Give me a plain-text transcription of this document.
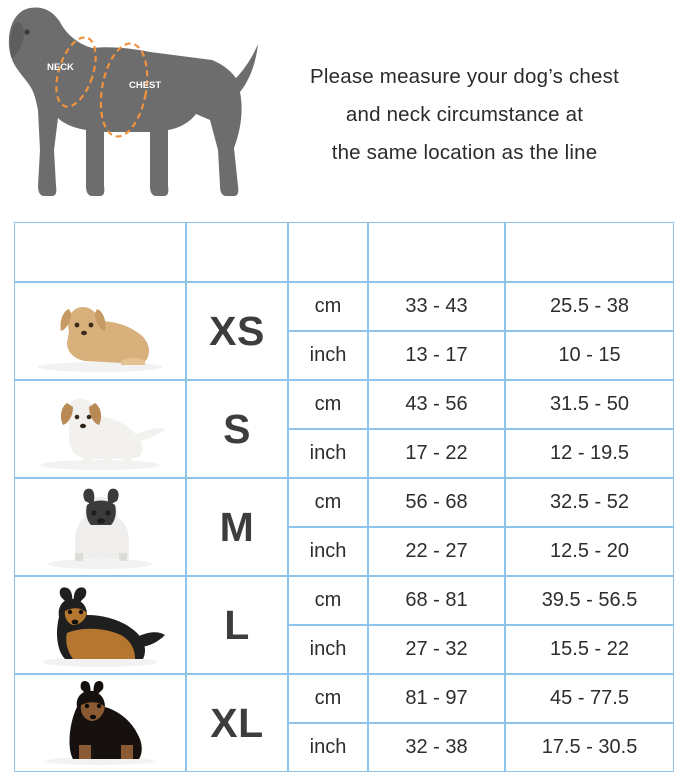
NECK
CHEST	Please measure your dog’s chest
and neck circumstance at
the same location as the line
	Size		Chest Girth
(min.-max.)	Neck Girth
(min.-max.)

	XS	cm	33 - 43	25.5 - 38
		inch	13 - 17	10 - 15

	S	cm	43 - 56	31.5 - 50
		inch	17 - 22	12 - 19.5

	M	cm	56 - 68	32.5 - 52
		inch	22 - 27	12.5 - 20

	L	cm	68 - 81	39.5 - 56.5
		inch	27 - 32	15.5 - 22

	XL	cm	81 - 97	45 - 77.5
		inch	32 - 38	17.5 - 30.5
